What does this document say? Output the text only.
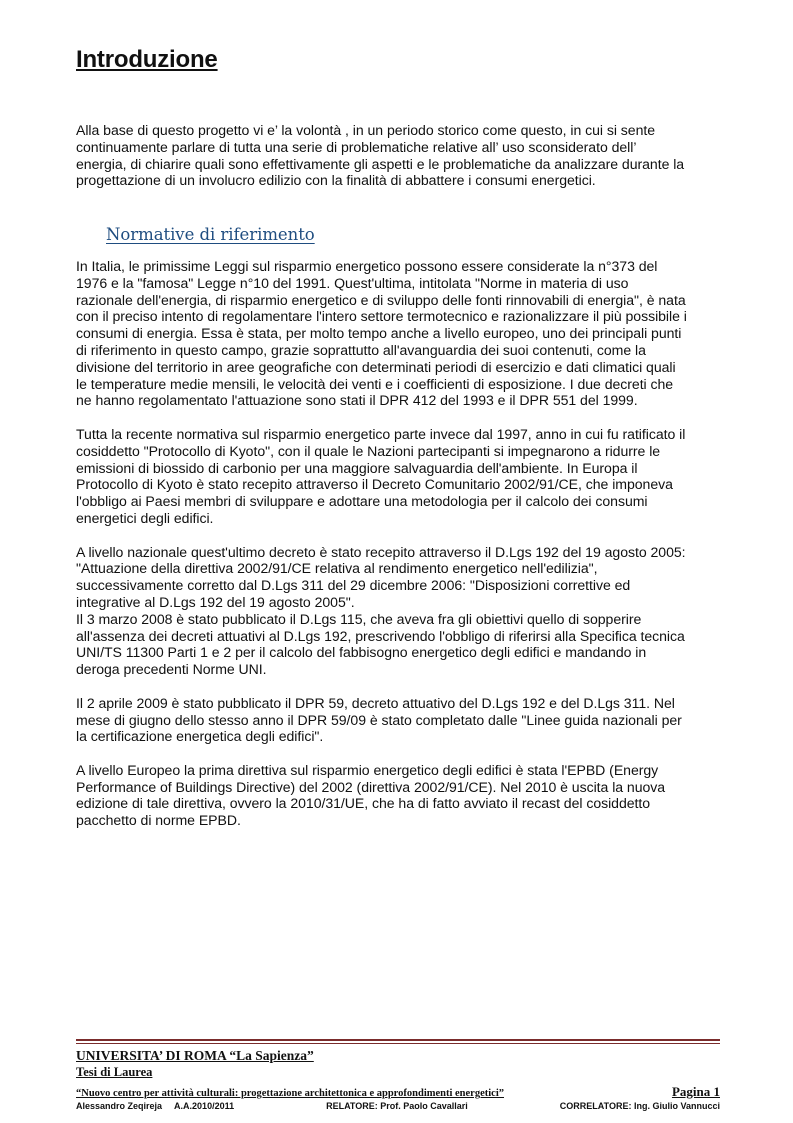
Introduzione

Alla base di questo progetto vi e’ la volontà , in un periodo storico come questo, in cui si sente
continuamente parlare di tutta una serie di problematiche relative all’ uso sconsiderato dell’
energia, di chiarire quali sono effettivamente gli aspetti e le problematiche da analizzare durante la
progettazione di un involucro edilizio con la finalità di abbattere i consumi energetici.

Normative di riferimento

In Italia, le primissime Leggi sul risparmio energetico possono essere considerate la n°373 del
1976 e la "famosa" Legge n°10 del 1991. Quest'ultima, intitolata "Norme in materia di uso
razionale dell'energia, di risparmio energetico e di sviluppo delle fonti rinnovabili di energia", è nata
con il preciso intento di regolamentare l'intero settore termotecnico e razionalizzare il più possibile i
consumi di energia. Essa è stata, per molto tempo anche a livello europeo, uno dei principali punti
di riferimento in questo campo, grazie soprattutto all'avanguardia dei suoi contenuti, come la
divisione del territorio in aree geografiche con determinati periodi di esercizio e dati climatici quali
le temperature medie mensili, le velocità dei venti e i coefficienti di esposizione. I due decreti che
ne hanno regolamentato l'attuazione sono stati il DPR 412 del 1993 e il DPR 551 del 1999.

Tutta la recente normativa sul risparmio energetico parte invece dal 1997, anno in cui fu ratificato il
cosiddetto "Protocollo di Kyoto", con il quale le Nazioni partecipanti si impegnarono a ridurre le
emissioni di biossido di carbonio per una maggiore salvaguardia dell'ambiente. In Europa il
Protocollo di Kyoto è stato recepito attraverso il Decreto Comunitario 2002/91/CE, che imponeva
l'obbligo ai Paesi membri di sviluppare e adottare una metodologia per il calcolo dei consumi
energetici degli edifici.

A livello nazionale quest'ultimo decreto è stato recepito attraverso il D.Lgs 192 del 19 agosto 2005:
"Attuazione della direttiva 2002/91/CE relativa al rendimento energetico nell'edilizia",
successivamente corretto dal D.Lgs 311 del 29 dicembre 2006: "Disposizioni correttive ed
integrative al D.Lgs 192 del 19 agosto 2005".

Il 3 marzo 2008 è stato pubblicato il D.Lgs 115, che aveva fra gli obiettivi quello di sopperire
all'assenza dei decreti attuativi al D.Lgs 192, prescrivendo l'obbligo di riferirsi alla Specifica tecnica
UNI/TS 11300 Parti 1 e 2 per il calcolo del fabbisogno energetico degli edifici e mandando in
deroga precedenti Norme UNI.

Il 2 aprile 2009 è stato pubblicato il DPR 59, decreto attuativo del D.Lgs 192 e del D.Lgs 311. Nel
mese di giugno dello stesso anno il DPR 59/09 è stato completato dalle "Linee guida nazionali per
la certificazione energetica degli edifici".

A livello Europeo la prima direttiva sul risparmio energetico degli edifici è stata l'EPBD (Energy
Performance of Buildings Directive) del 2002 (direttiva 2002/91/CE). Nel 2010 è uscita la nuova
edizione di tale direttiva, ovvero la 2010/31/UE, che ha di fatto avviato il recast del cosiddetto
pacchetto di norme EPBD.

UNIVERSITA’ DI ROMA “La Sapienza”
Tesi di Laurea
“Nuovo centro per attività culturali: progettazione architettonica e approfondimenti energetici”	Pagina 1
Alessandro Zeqireja A.A.2010/2011	RELATORE: Prof. Paolo Cavallari	CORRELATORE: Ing. Giulio Vannucci
